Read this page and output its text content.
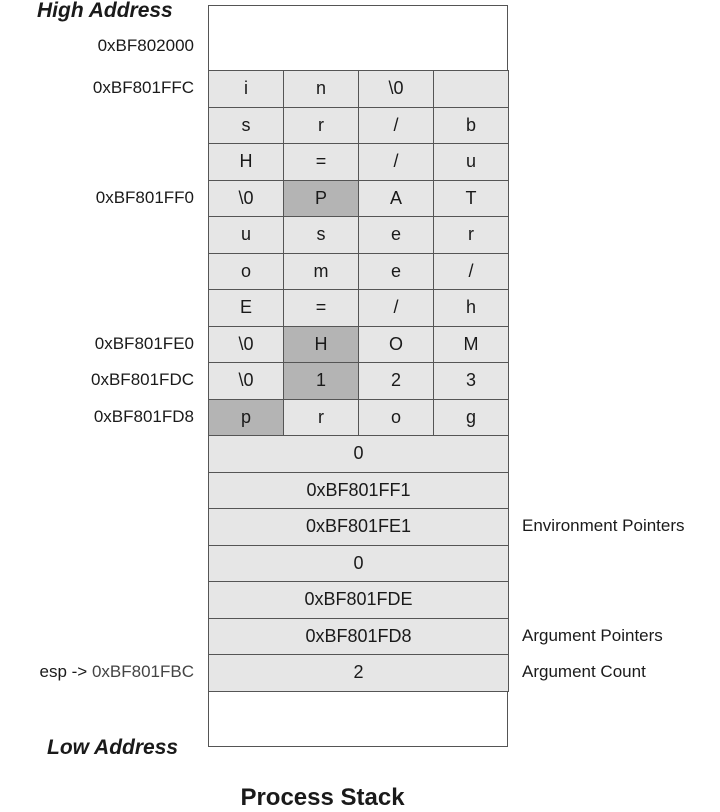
High Address
i	n	\0
s	r	/	b
H	=	/	u
\0	P	A	T
u	s	e	r
o	m	e	/
E	=	/	h
\0	H	O	M
\0	1	2	3
p	r	o	g
0
0xBF801FF1
0xBF801FE1
0
0xBF801FDE
0xBF801FD8
2
Low Address
Process Stack
0xBF802000
0xBF801FFC
0xBF801FF0
0xBF801FE0
0xBF801FDC
0xBF801FD8
Environment Pointers
Argument Pointers
esp -> 0xBF801FBC	Argument Count
